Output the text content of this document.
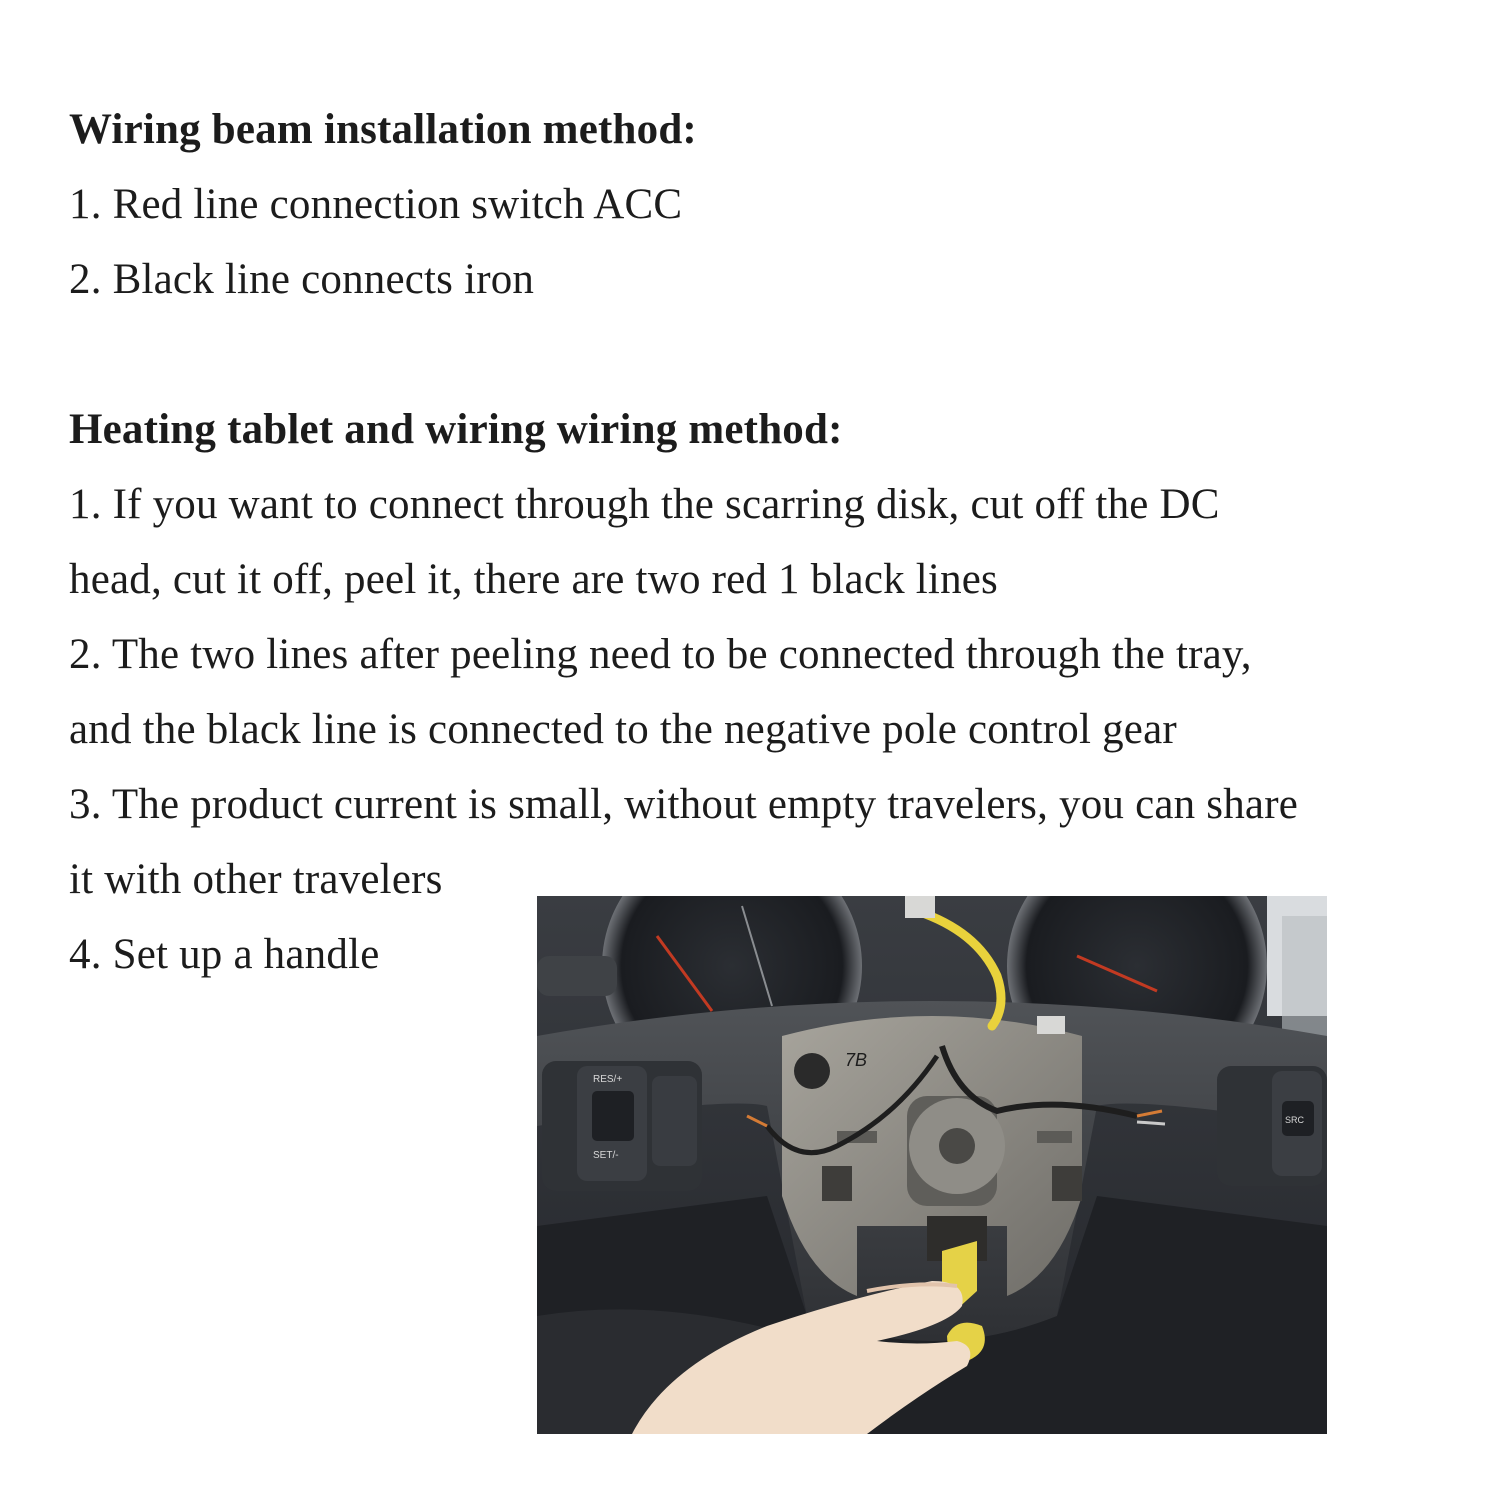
Wiring beam installation method:
1. Red line connection switch ACC
2. Black line connects iron
Heating tablet and wiring wiring method:
1. If you want to connect through the scarring disk, cut off the DC
head, cut it off, peel it, there are two red 1 black lines
2. The two lines after peeling need to be connected through the tray,
and the black line is connected to the negative pole control gear
3. The product current is small, without empty travelers, you can share
it with other travelers
4. Set up a handle
RES/+
SET/-
SRC
7B
